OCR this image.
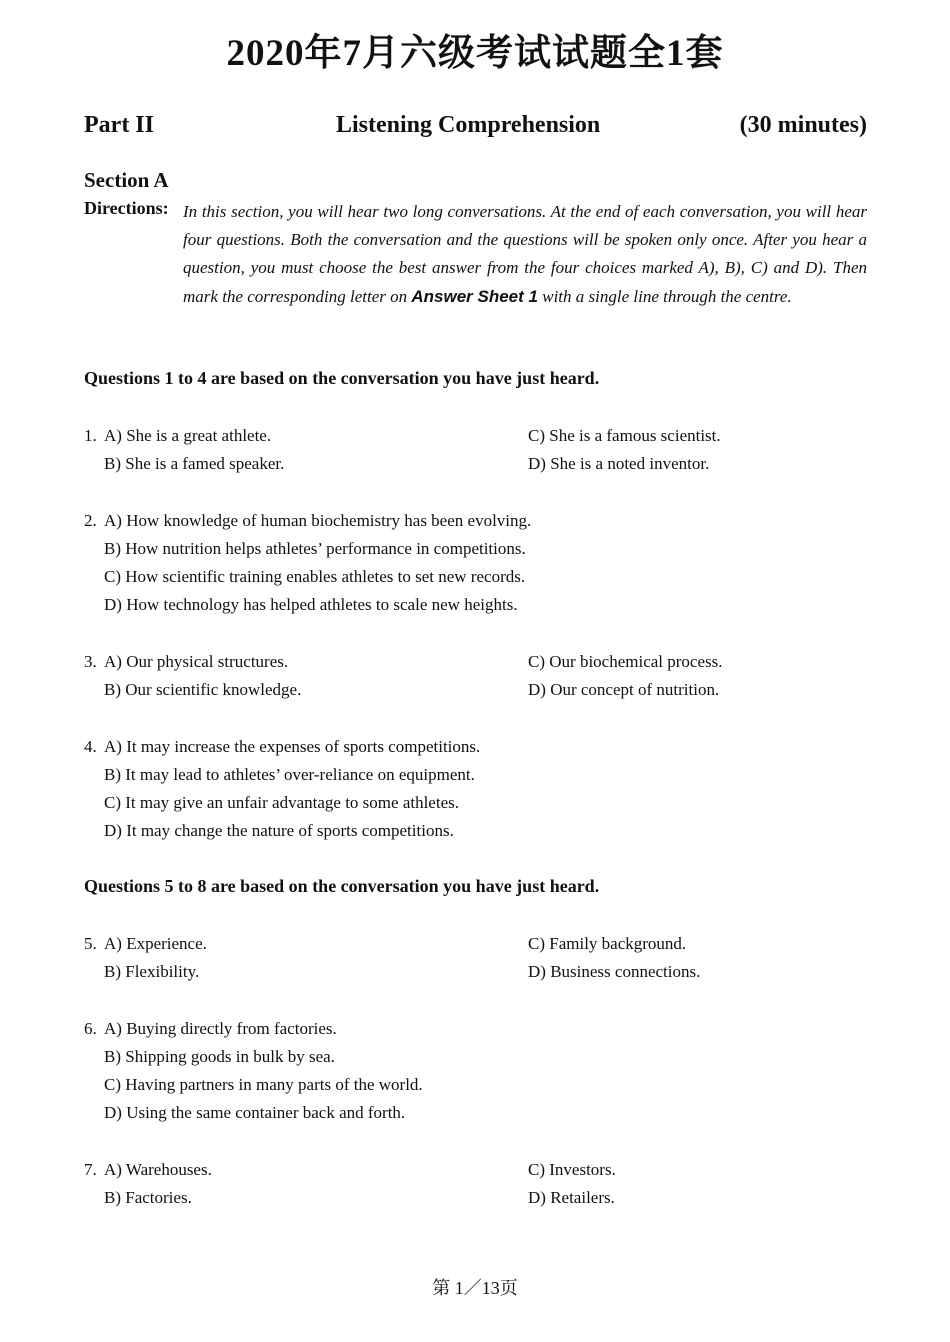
2020年7月六级考试试题全1套
Part II	Listening Comprehension	(30 minutes)
Section A
Directions: In this section, you will hear two long conversations. At the end of each conversation, you will hear four questions. Both the conversation and the questions will be spoken only once. After you hear a question, you must choose the best answer from the four choices marked A), B), C) and D). Then mark the corresponding letter on Answer Sheet 1 with a single line through the centre.
Questions 1 to 4 are based on the conversation you have just heard.
1. A) She is a great athlete.
B) She is a famed speaker.
C) She is a famous scientist.
D) She is a noted inventor.
2. A) How knowledge of human biochemistry has been evolving.
B) How nutrition helps athletes’ performance in competitions.
C) How scientific training enables athletes to set new records.
D) How technology has helped athletes to scale new heights.
3. A) Our physical structures.
B) Our scientific knowledge.
C) Our biochemical process.
D) Our concept of nutrition.
4. A) It may increase the expenses of sports competitions.
B) It may lead to athletes’ over-reliance on equipment.
C) It may give an unfair advantage to some athletes.
D) It may change the nature of sports competitions.
Questions 5 to 8 are based on the conversation you have just heard.
5. A) Experience.
B) Flexibility.
C) Family background.
D) Business connections.
6. A) Buying directly from factories.
B) Shipping goods in bulk by sea.
C) Having partners in many parts of the world.
D) Using the same container back and forth.
7. A) Warehouses.
B) Factories.
C) Investors.
D) Retailers.
第 1／13页
